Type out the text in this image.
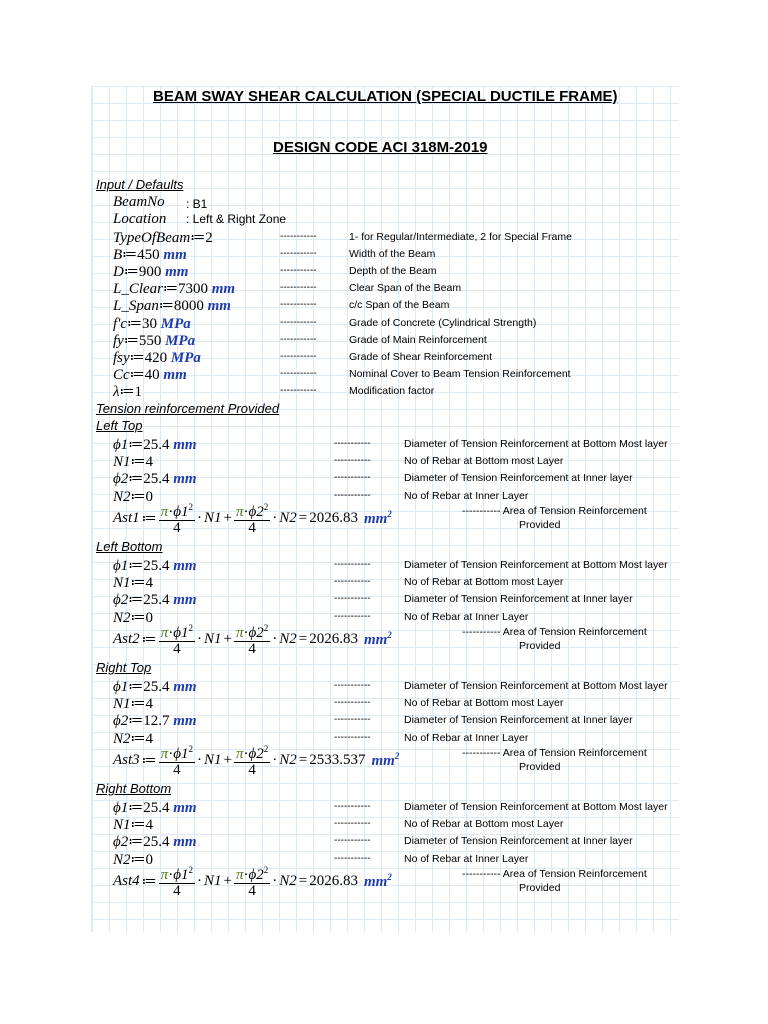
BEAM SWAY SHEAR CALCULATION (SPECIAL DUCTILE FRAME)
DESIGN CODE ACI 318M-2019
Input / Defaults
BeamNo : B1
Location : Left & Right Zone
TypeOfBeam≔2	-----------	1- for Regular/Intermediate, 2 for Special Frame
B≔450 mm	-----------	Width of the Beam
D≔900 mm	-----------	Depth of the Beam
L_Clear≔7300 mm	-----------	Clear Span of the Beam
L_Span≔8000 mm	-----------	c/c Span of the Beam
f'c≔30 MPa	-----------	Grade of Concrete (Cylindrical Strength)
fy≔550 MPa	-----------	Grade of Main Reinforcement
fsy≔420 MPa	-----------	Grade of Shear Reinforcement
Cc≔40 mm	-----------	Nominal Cover to Beam Tension Reinforcement
λ≔1	-----------	Modification factor
Tension reinforcement Provided
Left Top
ϕ1≔25.4 mm	-----------	Diameter of Tension Reinforcement at Bottom Most layer
N1≔4	-----------	No of Rebar at Bottom most Layer
ϕ2≔25.4 mm	-----------	Diameter of Tension Reinforcement at Inner layer
N2≔0	-----------	No of Rebar at Inner Layer
Ast1 ≔ $\frac{\pi\cdot\phi 1^2}{4} \cdot N1 + \frac{\pi\cdot\phi 2^2}{4} \cdot N2 = 2026.83$ $mm^2$	----------- Area of Tension Reinforcement
Provided
Left Bottom
ϕ1≔25.4 mm	-----------	Diameter of Tension Reinforcement at Bottom Most layer
N1≔4	-----------	No of Rebar at Bottom most Layer
ϕ2≔25.4 mm	-----------	Diameter of Tension Reinforcement at Inner layer
N2≔0	-----------	No of Rebar at Inner Layer
Ast2 ≔ $\frac{\pi\cdot\phi 1^2}{4} \cdot N1 + \frac{\pi\cdot\phi 2^2}{4} \cdot N2 = 2026.83$ $mm^2$	----------- Area of Tension Reinforcement
Provided
Right Top
ϕ1≔25.4 mm	-----------	Diameter of Tension Reinforcement at Bottom Most layer
N1≔4	-----------	No of Rebar at Bottom most Layer
ϕ2≔12.7 mm	-----------	Diameter of Tension Reinforcement at Inner layer
N2≔4	-----------	No of Rebar at Inner Layer
Ast3 ≔ $\frac{\pi\cdot\phi 1^2}{4} \cdot N1 + \frac{\pi\cdot\phi 2^2}{4} \cdot N2 = 2533.537$ $mm^2$	----------- Area of Tension Reinforcement
Provided
Right Bottom
ϕ1≔25.4 mm	-----------	Diameter of Tension Reinforcement at Bottom Most layer
N1≔4	-----------	No of Rebar at Bottom most Layer
ϕ2≔25.4 mm	-----------	Diameter of Tension Reinforcement at Inner layer
N2≔0	-----------	No of Rebar at Inner Layer
Ast4 ≔ $\frac{\pi\cdot\phi 1^2}{4} \cdot N1 + \frac{\pi\cdot\phi 2^2}{4} \cdot N2 = 2026.83$ $mm^2$	----------- Area of Tension Reinforcement
Provided
